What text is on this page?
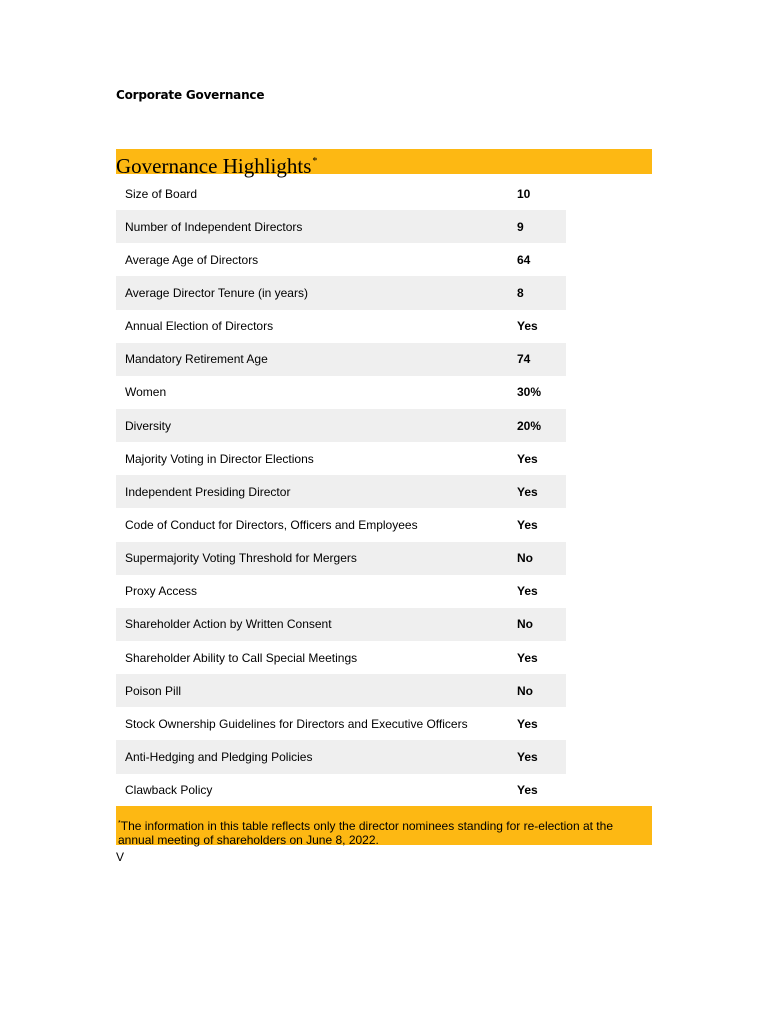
Corporate Governance
Governance Highlights*
Size of Board	10
Number of Independent Directors	9
Average Age of Directors	64
Average Director Tenure (in years)	8
Annual Election of Directors	Yes
Mandatory Retirement Age	74
Women	30%
Diversity	20%
Majority Voting in Director Elections	Yes
Independent Presiding Director	Yes
Code of Conduct for Directors, Officers and Employees	Yes
Supermajority Voting Threshold for Mergers	No
Proxy Access	Yes
Shareholder Action by Written Consent	No
Shareholder Ability to Call Special Meetings	Yes
Poison Pill	No
Stock Ownership Guidelines for Directors and Executive Officers	Yes
Anti-Hedging and Pledging Policies	Yes
Clawback Policy	Yes
*The information in this table reflects only the director nominees standing for re-election at the annual meeting of shareholders on June 8, 2022.
V
